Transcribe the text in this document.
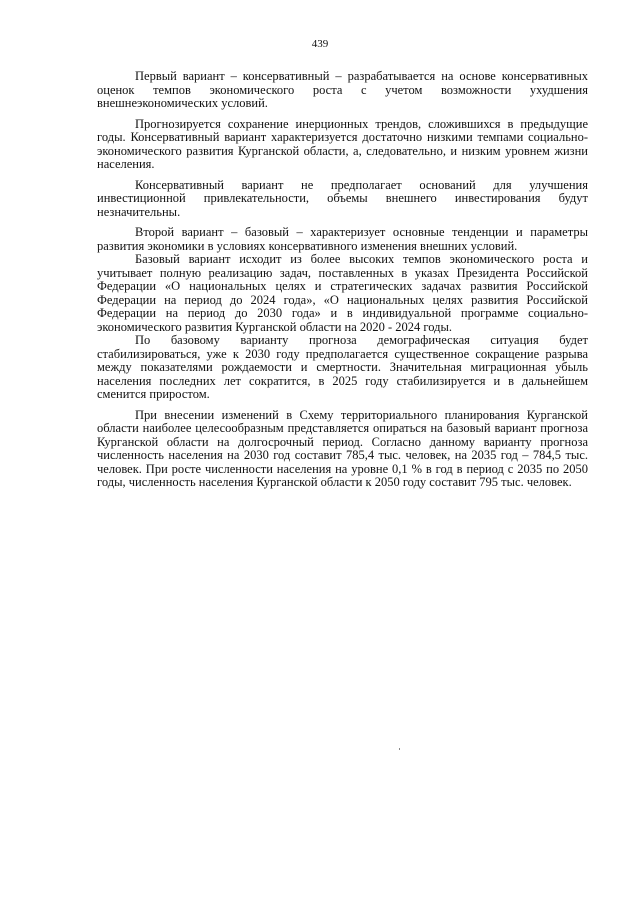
439

Первый вариант – консервативный – разрабатывается на основе консервативных оценок темпов экономического роста с учетом возможности ухудшения внешнеэкономических условий.

Прогнозируется сохранение инерционных трендов, сложившихся в предыдущие годы. Консервативный вариант характеризуется достаточно низкими темпами социально-экономического развития Курганской области, а, следовательно, и низким уровнем жизни населения.

Консервативный вариант не предполагает оснований для улучшения инвестиционной привлекательности, объемы внешнего инвестирования будут незначительны.

Второй вариант – базовый – характеризует основные тенденции и параметры развития экономики в условиях консервативного изменения внешних условий.

Базовый вариант исходит из более высоких темпов экономического роста и учитывает полную реализацию задач, поставленных в указах Президента Российской Федерации «О национальных целях и стратегических задачах развития Российской Федерации на период до 2024 года», «О национальных целях развития Российской Федерации на период до 2030 года» и в индивидуальной программе социально-экономического развития Курганской области на 2020 - 2024 годы.

По базовому варианту прогноза демографическая ситуация будет стабилизироваться, уже к 2030 году предполагается существенное сокращение разрыва между показателями рождаемости и смертности. Значительная миграционная убыль населения последних лет сократится, в 2025 году стабилизируется и в дальнейшем сменится приростом.

При внесении изменений в Схему территориального планирования Курганской области наиболее целесообразным представляется опираться на базовый вариант прогноза Курганской области на долгосрочный период. Согласно данному варианту прогноза численность населения на 2030 год составит 785,4 тыс. человек, на 2035 год – 784,5 тыс. человек. При росте численности населения на уровне 0,1 % в год в период с 2035 по 2050 годы, численность населения Курганской области к 2050 году составит 795 тыс. человек.
